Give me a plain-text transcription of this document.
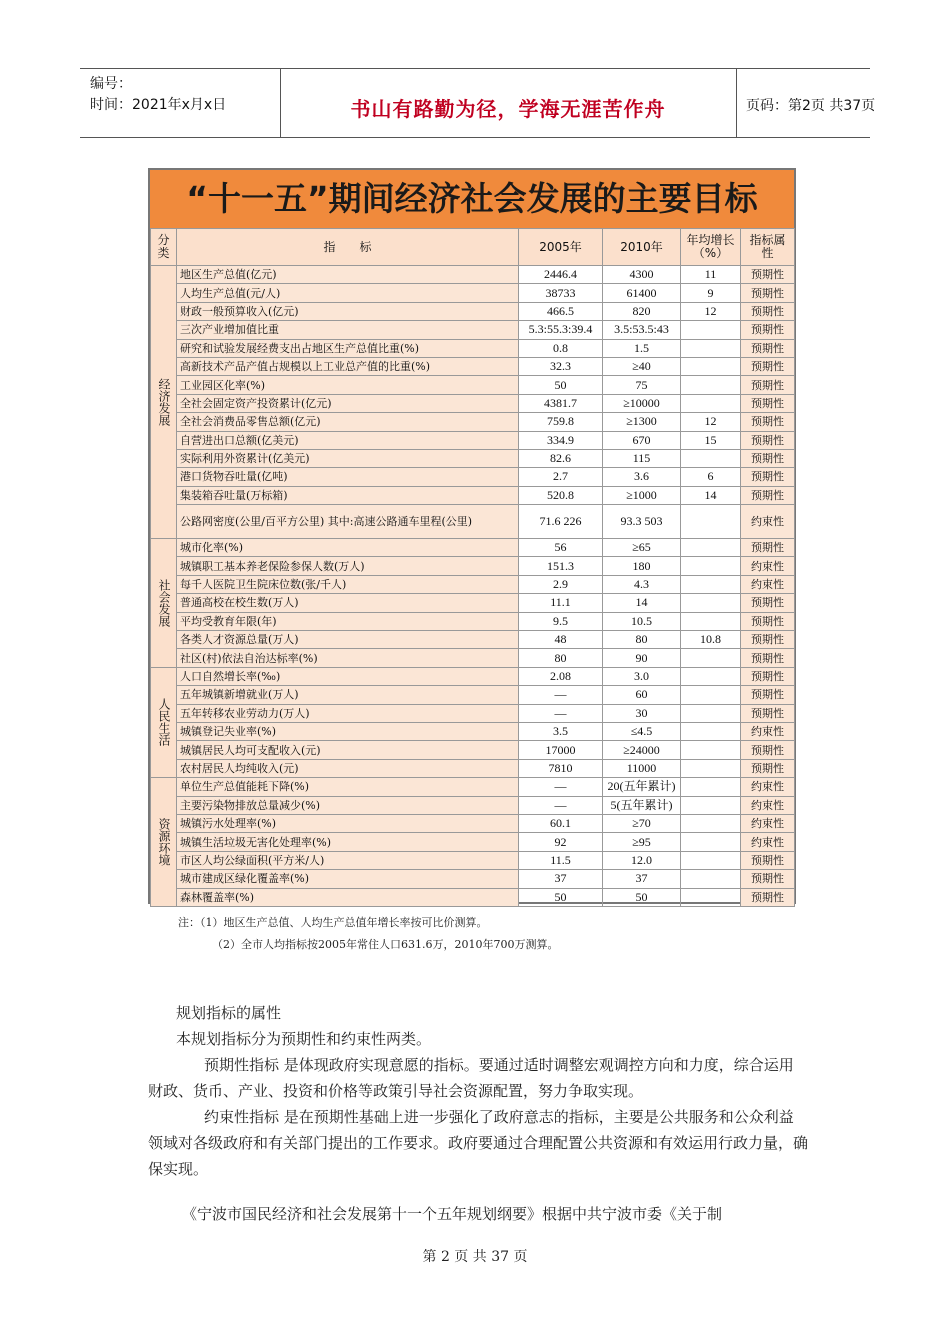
编号：
时间：2021年x月x日	书山有路勤为径，学海无涯苦作舟	页码：第2页 共37页
“十一五”期间经济社会发展的主要目标
分类	指　　标	2005年	2010年	年均增长（%）	指标属性
经济发展	地区生产总值(亿元)	2446.4	4300	11	预期性
	人均生产总值(元/人)	38733	61400	9	预期性
	财政一般预算收入(亿元)	466.5	820	12	预期性
	三次产业增加值比重	5.3:55.3:39.4	3.5:53.5:43		预期性
	研究和试验发展经费支出占地区生产总值比重(%)	0.8	1.5		预期性
	高新技术产品产值占规模以上工业总产值的比重(%)	32.3	≥40		预期性
	工业园区化率(%)	50	75		预期性
	全社会固定资产投资累计(亿元)	4381.7	≥10000		预期性
	全社会消费品零售总额(亿元)	759.8	≥1300	12	预期性
	自营进出口总额(亿美元)	334.9	670	15	预期性
	实际利用外资累计(亿美元)	82.6	115		预期性
	港口货物吞吐量(亿吨)	2.7	3.6	6	预期性
	集装箱吞吐量(万标箱)	520.8	≥1000	14	预期性
	公路网密度(公里/百平方公里) 其中:高速公路通车里程(公里)	71.6 226	93.3 503		约束性
社会发展	城市化率(%)	56	≥65		预期性
	城镇职工基本养老保险参保人数(万人)	151.3	180		约束性
	每千人医院卫生院床位数(张/千人)	2.9	4.3		约束性
	普通高校在校生数(万人)	11.1	14		预期性
	平均受教育年限(年)	9.5	10.5		预期性
	各类人才资源总量(万人)	48	80	10.8	预期性
	社区(村)依法自治达标率(%)	80	90		预期性
人民生活	人口自然增长率(‰)	2.08	3.0		预期性
	五年城镇新增就业(万人)	—	60		预期性
	五年转移农业劳动力(万人)	—	30		预期性
	城镇登记失业率(%)	3.5	≤4.5		约束性
	城镇居民人均可支配收入(元)	17000	≥24000		预期性
	农村居民人均纯收入(元)	7810	11000		预期性
资源环境	单位生产总值能耗下降(%)	—	20(五年累计)		约束性
	主要污染物排放总量减少(%)	—	5(五年累计)		约束性
	城镇污水处理率(%)	60.1	≥70		约束性
	城镇生活垃圾无害化处理率(%)	92	≥95		约束性
	市区人均公绿面积(平方米/人)	11.5	12.0		预期性
	城市建成区绿化覆盖率(%)	37	37		预期性
	森林覆盖率(%)	50	50		预期性
注：（1）地区生产总值、人均生产总值年增长率按可比价测算。
（2）全市人均指标按2005年常住人口631.6万，2010年700万测算。

规划指标的属性

本规划指标分为预期性和约束性两类。

预期性指标 是体现政府实现意愿的指标。要通过适时调整宏观调控方向和力度，综合运用财政、货币、产业、投资和价格等政策引导社会资源配置，努力争取实现。

约束性指标 是在预期性基础上进一步强化了政府意志的指标，主要是公共服务和公众利益领域对各级政府和有关部门提出的工作要求。政府要通过合理配置公共资源和有效运用行政力量，确保实现。

《宁波市国民经济和社会发展第十一个五年规划纲要》根据中共宁波市委《关于制
第 2 页 共 37 页
